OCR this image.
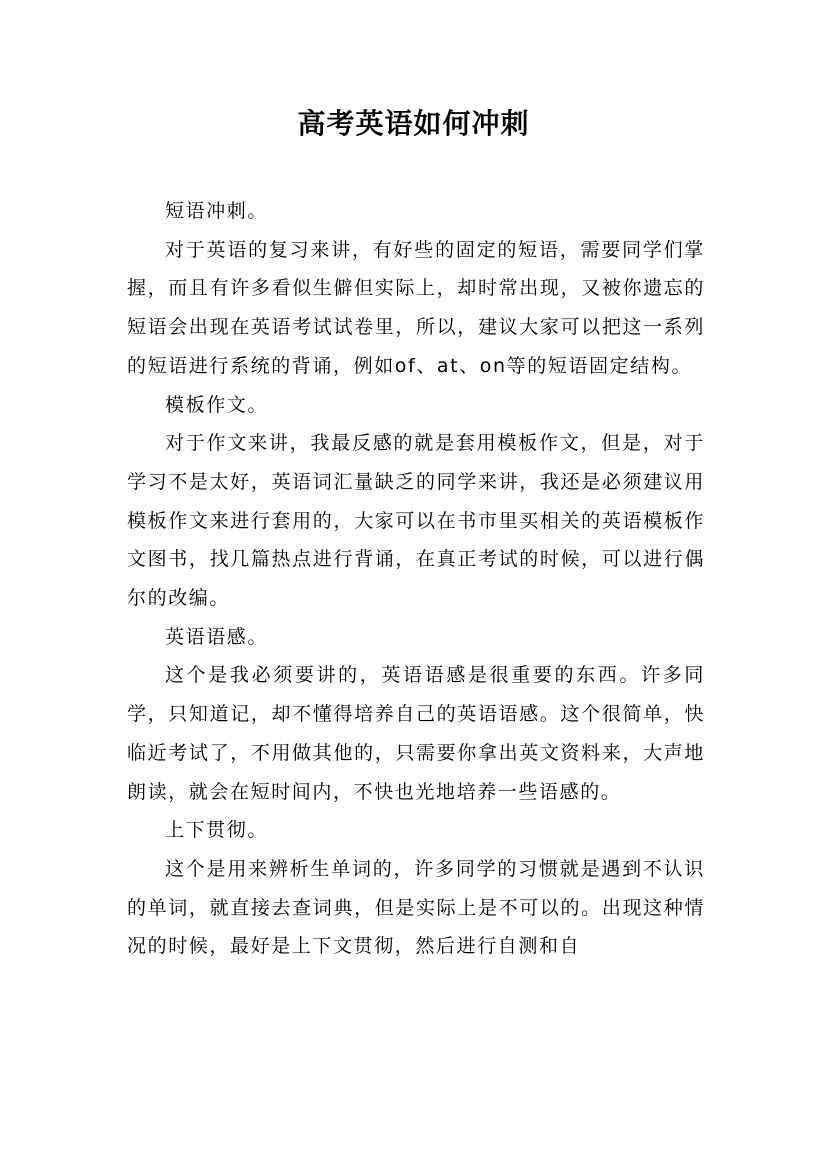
高考英语如何冲刺

短语冲刺。

对于英语的复习来讲，有好些的固定的短语，需要同学们掌握，而且有许多看似生僻但实际上，却时常出现，又被你遗忘的短语会出现在英语考试试卷里，所以，建议大家可以把这一系列的短语进行系统的背诵，例如of、at、on等的短语固定结构。

模板作文。

对于作文来讲，我最反感的就是套用模板作文，但是，对于学习不是太好，英语词汇量缺乏的同学来讲，我还是必须建议用模板作文来进行套用的，大家可以在书市里买相关的英语模板作文图书，找几篇热点进行背诵，在真正考试的时候，可以进行偶尔的改编。

英语语感。

这个是我必须要讲的，英语语感是很重要的东西。许多同学，只知道记，却不懂得培养自己的英语语感。这个很简单，快临近考试了，不用做其他的，只需要你拿出英文资料来，大声地朗读，就会在短时间内，不快也光地培养一些语感的。

上下贯彻。

这个是用来辨析生单词的，许多同学的习惯就是遇到不认识的单词，就直接去查词典，但是实际上是不可以的。出现这种情况的时候，最好是上下文贯彻，然后进行自测和自
